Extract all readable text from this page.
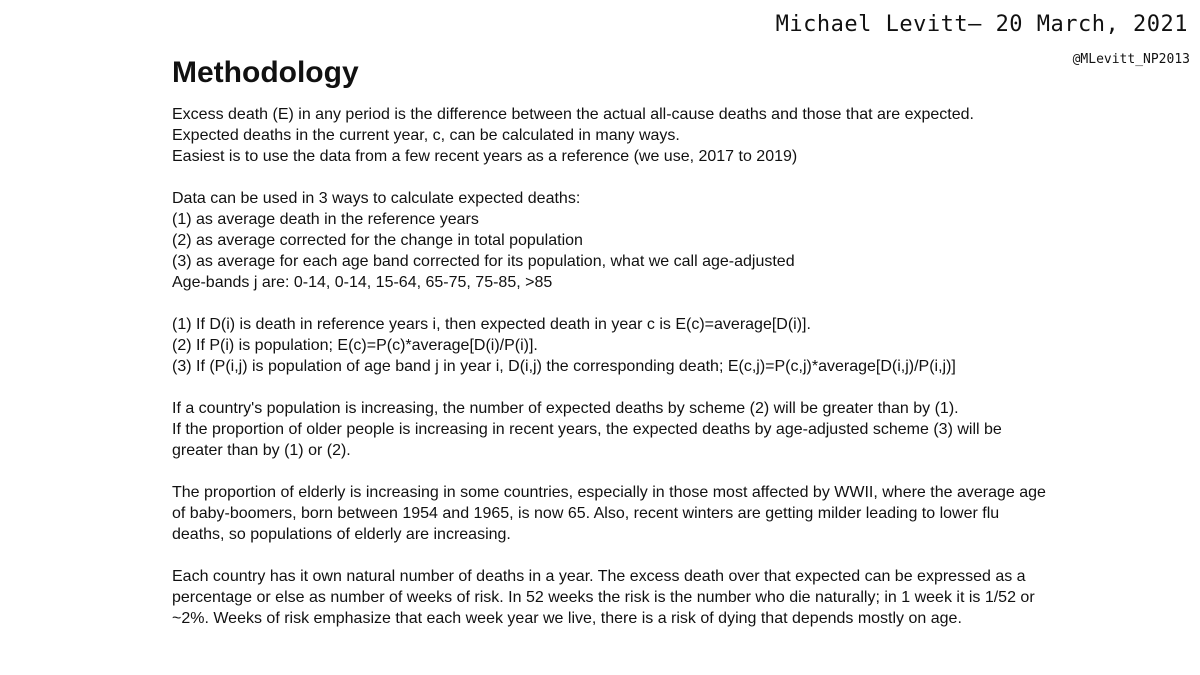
Michael Levitt— 20 March, 2021
@MLevitt_NP2013
Methodology

Excess death (E) in any period is the difference between the actual all-cause deaths and those that are expected.
Expected deaths in the current year, c, can be calculated in many ways.
Easiest is to use the data from a few recent years as a reference (we use, 2017 to 2019)

Data can be used in 3 ways to calculate expected deaths:
(1) as average death in the reference years
(2) as average corrected for the change in total population
(3) as average for each age band corrected for its population, what we call age-adjusted
Age-bands j are: 0-14, 0-14, 15-64, 65-75, 75-85, >85

(1) If D(i) is death in reference years i, then expected death in year c is E(c)=average[D(i)].
(2) If P(i) is population; E(c)=P(c)*average[D(i)/P(i)].
(3) If (P(i,j) is population of age band j in year i, D(i,j) the corresponding death; E(c,j)=P(c,j)*average[D(i,j)/P(i,j)]

If a country's population is increasing, the number of expected deaths by scheme (2) will be greater than by (1).
If the proportion of older people is increasing in recent years, the expected deaths by age-adjusted scheme (3) will be
greater than by (1) or (2).

The proportion of elderly is increasing in some countries, especially in those most affected by WWII, where the average age
of baby-boomers, born between 1954 and 1965, is now 65. Also, recent winters are getting milder leading to lower flu
deaths, so populations of elderly are increasing.

Each country has it own natural number of deaths in a year. The excess death over that expected can be expressed as a
percentage or else as number of weeks of risk. In 52 weeks the risk is the number who die naturally; in 1 week it is 1/52 or
~2%. Weeks of risk emphasize that each week year we live, there is a risk of dying that depends mostly on age.
